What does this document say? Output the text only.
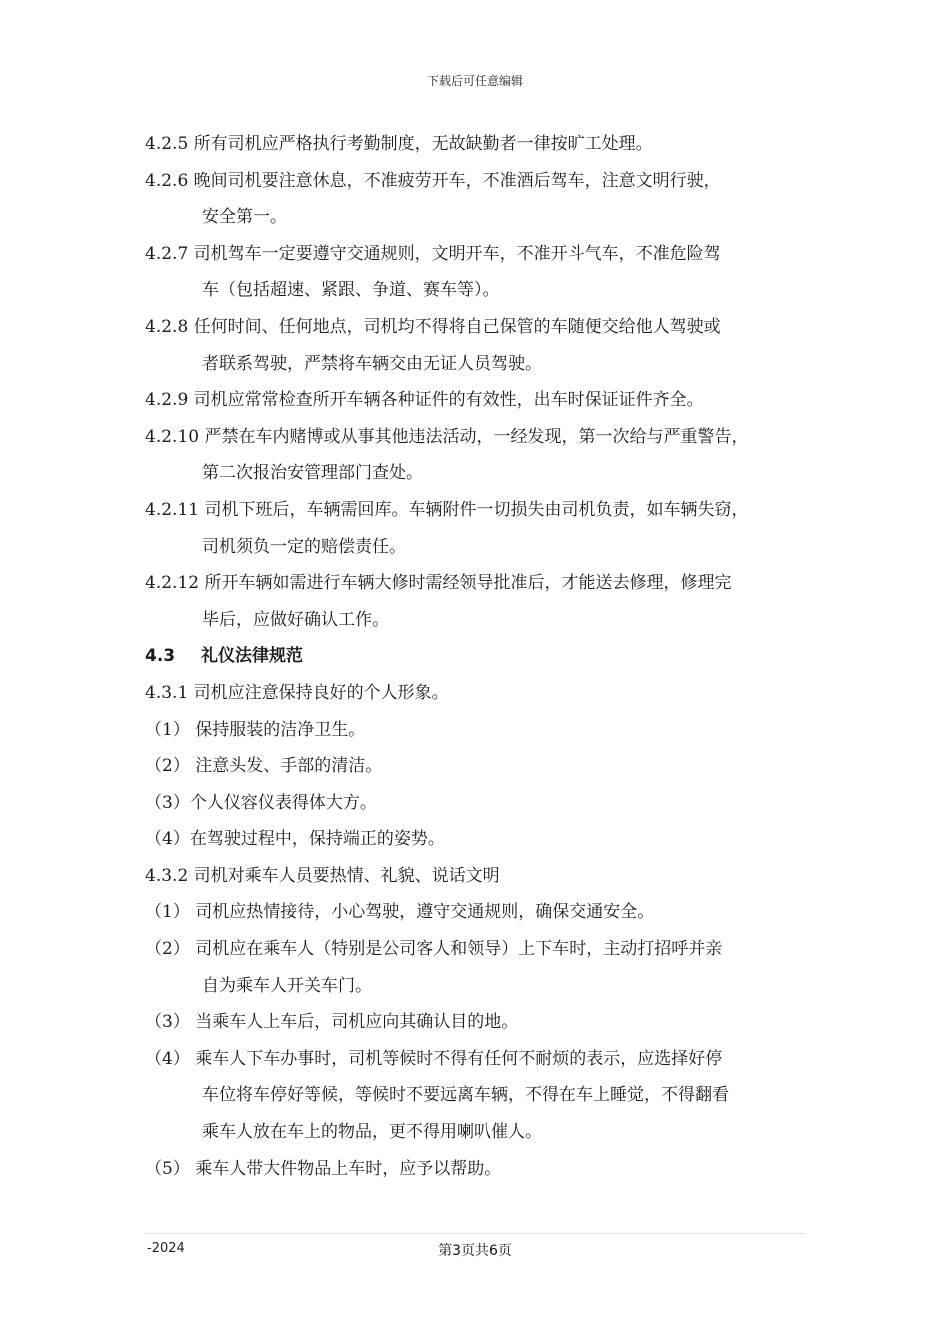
下载后可任意编辑
4.2.5 所有司机应严格执行考勤制度，无故缺勤者一律按旷工处理。
4.2.6 晚间司机要注意休息，不准疲劳开车，不准酒后驾车，注意文明行驶，
安全第一。
4.2.7 司机驾车一定要遵守交通规则，文明开车，不准开斗气车，不准危险驾
车（包括超速、紧跟、争道、赛车等）。
4.2.8 任何时间、任何地点，司机均不得将自己保管的车随便交给他人驾驶或
者联系驾驶，严禁将车辆交由无证人员驾驶。
4.2.9 司机应常常检查所开车辆各种证件的有效性，出车时保证证件齐全。
4.2.10 严禁在车内赌博或从事其他违法活动，一经发现，第一次给与严重警告，
第二次报治安管理部门查处。
4.2.11 司机下班后，车辆需回库。车辆附件一切损失由司机负责，如车辆失窃，
司机须负一定的赔偿责任。
4.2.12 所开车辆如需进行车辆大修时需经领导批准后，才能送去修理，修理完
毕后，应做好确认工作。
4.3 礼仪法律规范
4.3.1 司机应注意保持良好的个人形象。
（1） 保持服装的洁净卫生。
（2） 注意头发、手部的清洁。
（3）个人仪容仪表得体大方。
（4）在驾驶过程中，保持端正的姿势。
4.3.2 司机对乘车人员要热情、礼貌、说话文明
（1） 司机应热情接待，小心驾驶，遵守交通规则，确保交通安全。
（2） 司机应在乘车人（特别是公司客人和领导）上下车时，主动打招呼并亲
自为乘车人开关车门。
（3） 当乘车人上车后，司机应向其确认目的地。
（4） 乘车人下车办事时，司机等候时不得有任何不耐烦的表示，应选择好停
车位将车停好等候，等候时不要远离车辆，不得在车上睡觉，不得翻看
乘车人放在车上的物品，更不得用喇叭催人。
（5） 乘车人带大件物品上车时，应予以帮助。
-2024	第3页共6页
